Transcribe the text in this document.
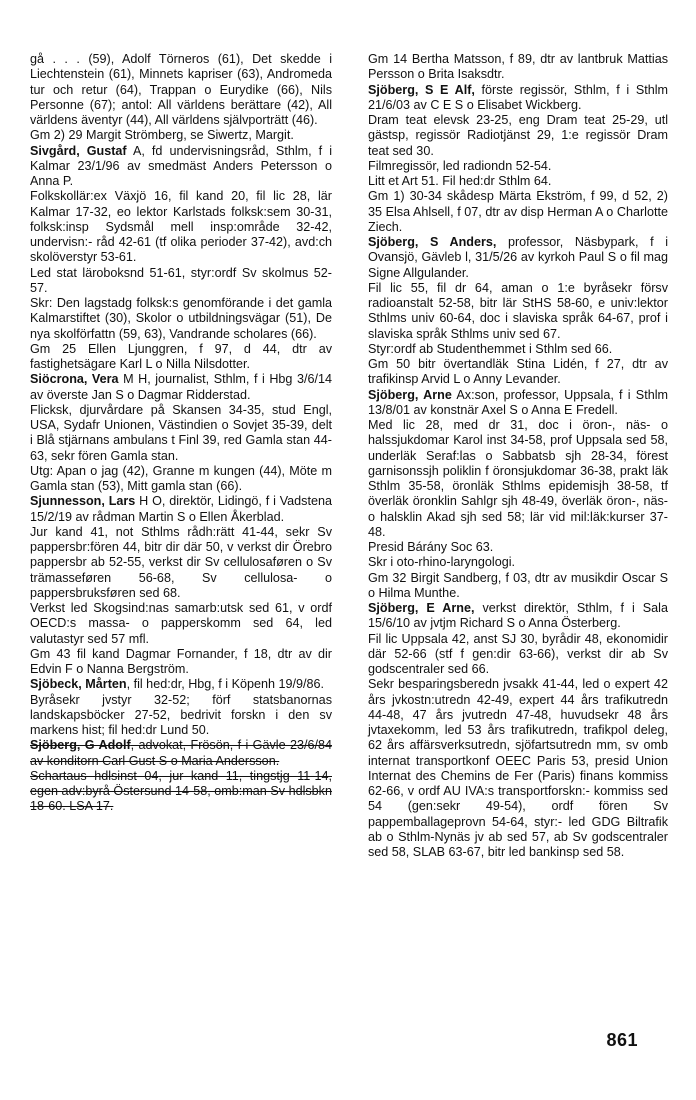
gå . . . (59), Adolf Törneros (61), Det skedde i Liechtenstein (61), Minnets kapriser (63), Andromeda tur och retur (64), Trappan o Eurydike (66), Nils Personne (67); antol: All världens berättare (42), All världens äventyr (44), All världens självporträtt (46).

Gm 2) 29 Margit Strömberg, se Siwertz, Margit.

Sivgård, Gustaf A, fd undervisningsråd, Sthlm, f i Kalmar 23/1/96 av smedmäst Anders Petersson o Anna P.

Folkskollär:ex Växjö 16, fil kand 20, fil lic 28, lär Kalmar 17-32, eo lektor Karlstads folksk:sem 30-31, folksk:insp Sydsmål mell insp:område 32-42, undervisn:- råd 42-61 (tf olika perioder 37-42), avd:ch skolöverstyr 53-61.

Led stat läroboksnd 51-61, styr:ordf Sv skolmus 52-57.

Skr: Den lagstadg folksk:s genomförande i det gamla Kalmarstiftet (30), Skolor o utbildningsvägar (51), De nya skolförfattn (59, 63), Vandrande scholares (66).

Gm 25 Ellen Ljunggren, f 97, d 44, dtr av fastighetsägare Karl L o Nilla Nilsdotter.

Siöcrona, Vera M H, journalist, Sthlm, f i Hbg 3/6/14 av överste Jan S o Dagmar Ridderstad.

Flicksk, djurvårdare på Skansen 34-35, stud Engl, USA, Sydafr Unionen, Västindien o Sovjet 35-39, delt i Blå stjärnans ambulans t Finl 39, red Gamla stan 44-63, sekr fören Gamla stan.

Utg: Apan o jag (42), Granne m kungen (44), Möte m Gamla stan (53), Mitt gamla stan (66).

Sjunnesson, Lars H O, direktör, Lidingö, f i Vadstena 15/2/19 av rådman Martin S o Ellen Åkerblad.

Jur kand 41, not Sthlms rådh:rätt 41-44, sekr Sv pappersbr:fören 44, bitr dir där 50, v verkst dir Örebro pappersbr ab 52-55, verkst dir Sv cellulosaføren o Sv trämasseføren 56-68, Sv cellulosa- o pappersbruksføren sed 68.

Verkst led Skogsind:nas samarb:utsk sed 61, v ordf OECD:s massa- o papperskomm sed 64, led valutastyr sed 57 mfl.

Gm 43 fil kand Dagmar Fornander, f 18, dtr av dir Edvin F o Nanna Bergström.

Sjöbeck, Mårten, fil hed:dr, Hbg, f i Köpenh 19/9/86.

Byråsekr jvstyr 32-52; förf statsbanornas landskapsböcker 27-52, bedrivit forskn i den sv markens hist; fil hed:dr Lund 50.

Sjöberg, G Adolf, advokat, Frösön, f i Gävle 23/6/84 av konditorn Carl Gust S o Maria Andersson.

Schartaus hdlsinst 04, jur kand 11, tingstjg 11-14, egen adv:byrå Östersund 14-58, omb:man Sv hdlsbkn 18-60. LSA 17.

Gm 14 Bertha Matsson, f 89, dtr av lantbruk Mattias Persson o Brita Isaksdtr.

Sjöberg, S E Alf, förste regissör, Sthlm, f i Sthlm 21/6/03 av C E S o Elisabet Wickberg.

Dram teat elevsk 23-25, eng Dram teat 25-29, utl gästsp, regissör Radiotjänst 29, 1:e regissör Dram teat sed 30.

Filmregissör, led radiondn 52-54.

Litt et Art 51. Fil hed:dr Sthlm 64.

Gm 1) 30-34 skådesp Märta Ekström, f 99, d 52, 2) 35 Elsa Ahlsell, f 07, dtr av disp Herman A o Charlotte Ziech.

Sjöberg, S Anders, professor, Näsbypark, f i Ovansjö, Gävleb l, 31/5/26 av kyrkoh Paul S o fil mag Signe Allgulander.

Fil lic 55, fil dr 64, aman o 1:e byråsekr försv radioanstalt 52-58, bitr lär StHS 58-60, e univ:lektor Sthlms univ 60-64, doc i slaviska språk 64-67, prof i slaviska språk Sthlms univ sed 67.

Styr:ordf ab Studenthemmet i Sthlm sed 66.

Gm 50 bitr övertandläk Stina Lidén, f 27, dtr av trafikinsp Arvid L o Anny Levander.

Sjöberg, Arne Ax:son, professor, Uppsala, f i Sthlm 13/8/01 av konstnär Axel S o Anna E Fredell.

Med lic 28, med dr 31, doc i öron-, näs- o halssjukdomar Karol inst 34-58, prof Uppsala sed 58, underläk Seraf:las o Sabbatsb sjh 28-34, förest garnisonssjh poliklin f öronsjukdomar 36-38, prakt läk Sthlm 35-58, öronläk Sthlms epidemisjh 38-58, tf överläk öronklin Sahlgr sjh 48-49, överläk öron-, näs- o halsklin Akad sjh sed 58; lär vid mil:läk:kurser 37-48.

Presid Bárány Soc 63.

Skr i oto-rhino-laryngologi.

Gm 32 Birgit Sandberg, f 03, dtr av musikdir Oscar S o Hilma Munthe.

Sjöberg, E Arne, verkst direktör, Sthlm, f i Sala 15/6/10 av jvtjm Richard S o Anna Österberg.

Fil lic Uppsala 42, anst SJ 30, byrådir 48, ekonomidir där 52-66 (stf f gen:dir 63-66), verkst dir ab Sv godscentraler sed 66.

Sekr besparingsberedn jvsakk 41-44, led o expert 42 års jvkostn:utredn 42-49, expert 44 års trafikutredn 44-48, 47 års jvutredn 47-48, huvudsekr 48 års jvtaxekomm, led 53 års trafikutredn, trafikpol deleg, 62 års affärsverksutredn, sjöfartsutredn mm, sv omb internat transportkonf OEEC Paris 53, presid Union Internat des Chemins de Fer (Paris) finans kommiss 62-66, v ordf AU IVA:s transportforskn:- kommiss sed 54 (gen:sekr 49-54), ordf fören Sv pappemballageprovn 54-64, styr:- led GDG Biltrafik ab o Sthlm-Nynäs jv ab sed 57, ab Sv godscentraler sed 58, SLAB 63-67, bitr led bankinsp sed 58.

861
